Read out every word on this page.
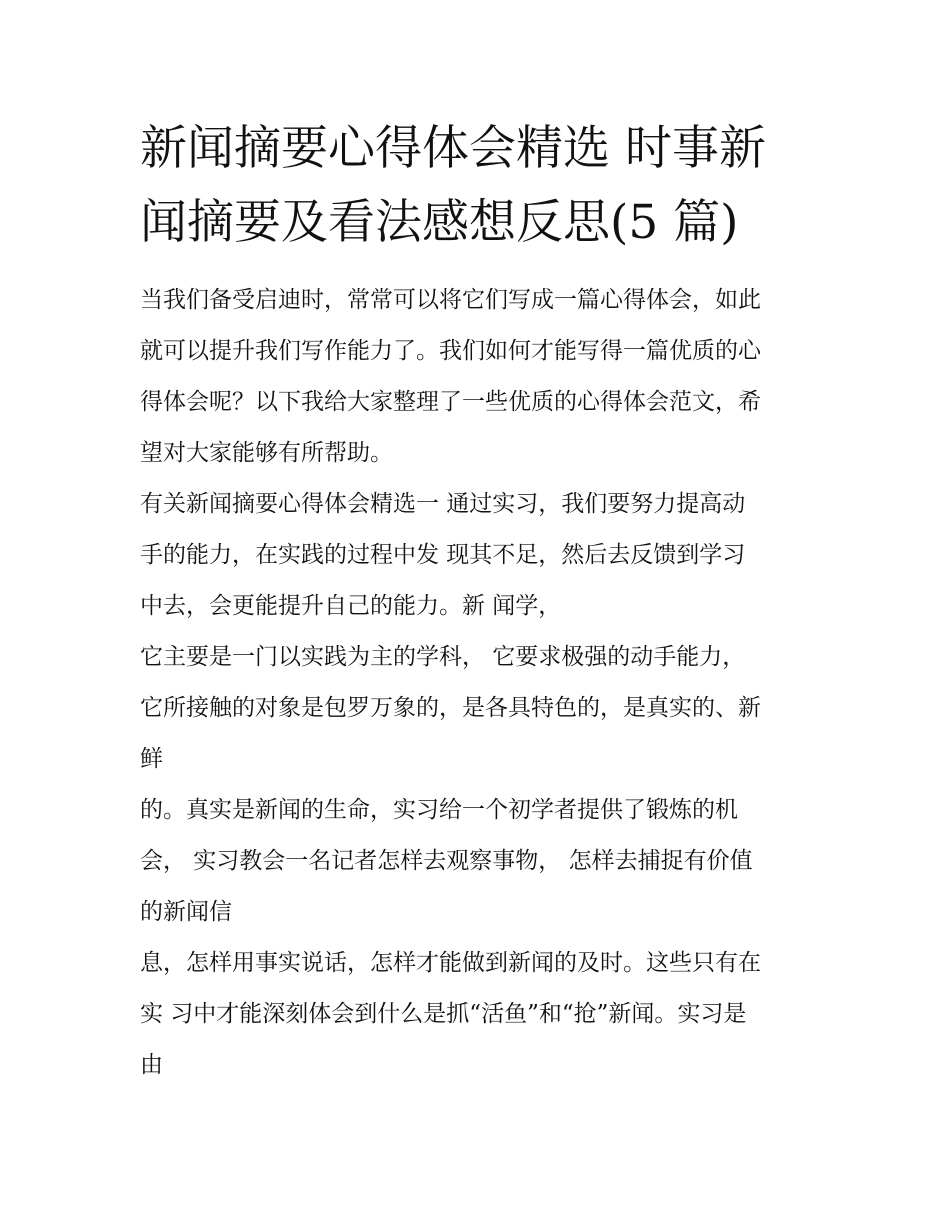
新闻摘要心得体会精选 时事新
闻摘要及看法感想反思(5 篇)
当我们备受启迪时，常常可以将它们写成一篇心得体会，如此
就可以提升我们写作能力了。我们如何才能写得一篇优质的心
得体会呢？以下我给大家整理了一些优质的心得体会范文，希
望对大家能够有所帮助。
有关新闻摘要心得体会精选一 通过实习，我们要努力提高动
手的能力，在实践的过程中发 现其不足，然后去反馈到学习
中去，会更能提升自己的能力。新 闻学，
它主要是一门以实践为主的学科， 它要求极强的动手能力，
它所接触的对象是包罗万象的，是各具特色的，是真实的、新
鲜
的。真实是新闻的生命，实习给一个初学者提供了锻炼的机
会， 实习教会一名记者怎样去观察事物， 怎样去捕捉有价值
的新闻信
息，怎样用事实说话，怎样才能做到新闻的及时。这些只有在
实 习中才能深刻体会到什么是抓“活鱼”和“抢”新闻。实习是
由
